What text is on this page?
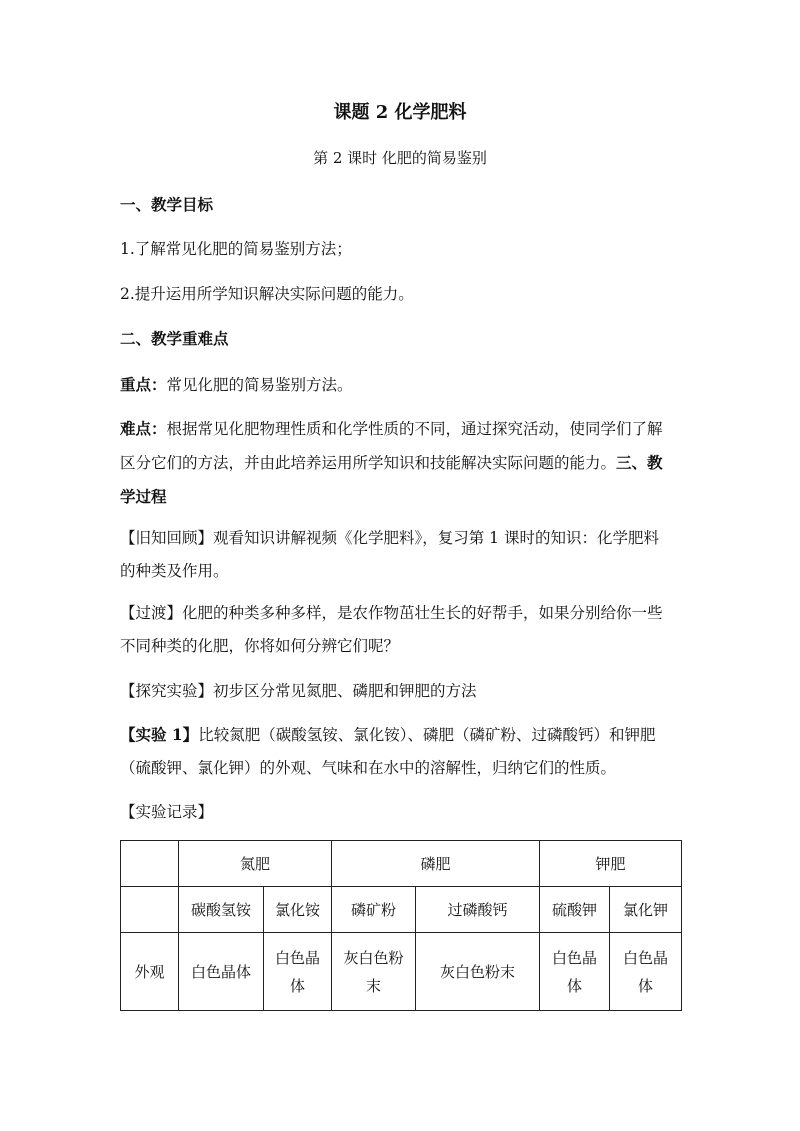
课题 2 化学肥料
第 2 课时 化肥的简易鉴别
一、教学目标
1.了解常见化肥的简易鉴别方法；
2.提升运用所学知识解决实际问题的能力。
二、教学重难点
重点：常见化肥的简易鉴别方法。
难点：根据常见化肥物理性质和化学性质的不同，通过探究活动，使同学们了解
区分它们的方法，并由此培养运用所学知识和技能解决实际问题的能力。三、教
学过程
【旧知回顾】观看知识讲解视频《化学肥料》，复习第 1 课时的知识：化学肥料
的种类及作用。
【过渡】化肥的种类多种多样，是农作物茁壮生长的好帮手，如果分别给你一些
不同种类的化肥，你将如何分辨它们呢？
【探究实验】初步区分常见氮肥、磷肥和钾肥的方法
【实验 1】比较氮肥（碳酸氢铵、氯化铵）、磷肥（磷矿粉、过磷酸钙）和钾肥
（硫酸钾、氯化钾）的外观、气味和在水中的溶解性，归纳它们的性质。
【实验记录】
	氮肥		磷肥		钾肥	
	碳酸氢铵	氯化铵	磷矿粉	过磷酸钙	硫酸钾	氯化钾
外观	白色晶体	白色晶体	灰白色粉末	灰白色粉末	白色晶体	白色晶体
